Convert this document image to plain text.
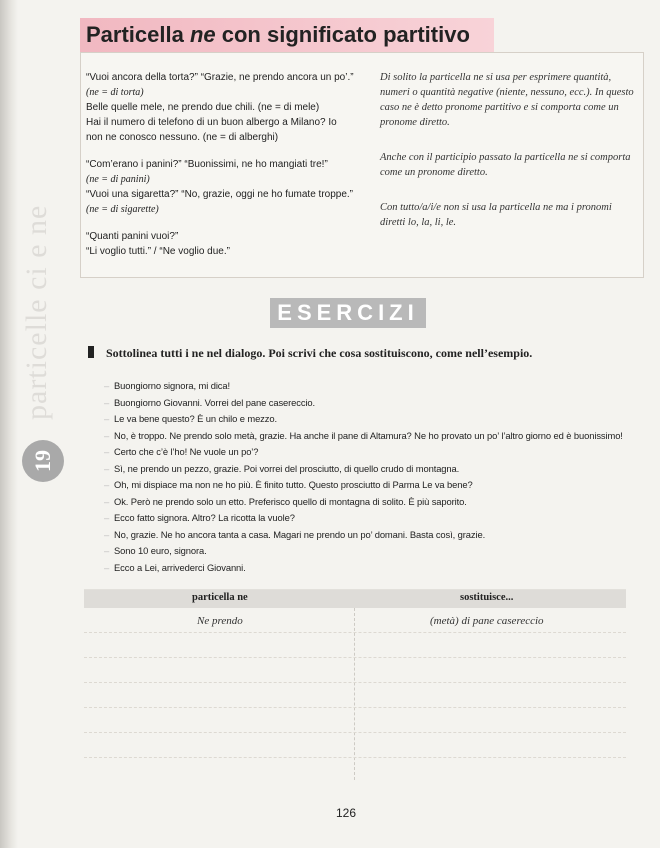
particelle ci e ne
19
Particella ne con significato partitivo
“Vuoi ancora della torta?” “Grazie, ne prendo ancora un po’.”
(ne = di torta)
Belle quelle mele, ne prendo due chili. (ne = di mele)
Hai il numero di telefono di un buon albergo a Milano? Io
non ne conosco nessuno. (ne = di alberghi)
“Com’erano i panini?” “Buonissimi, ne ho mangiati tre!”
(ne = di panini)
“Vuoi una sigaretta?” “No, grazie, oggi ne ho fumate troppe.”
(ne = di sigarette)
“Quanti panini vuoi?”
“Li voglio tutti.” / “Ne voglio due.”
Di solito la particella ne si usa per esprimere quantità, numeri o quantità negative (niente, nessuno, ecc.). In questo caso ne è detto pronome partitivo e si comporta come un pronome diretto.
Anche con il participio passato la particella ne si comporta come un pronome diretto.
Con tutto/a/i/e non si usa la particella ne ma i pronomi diretti lo, la, li, le.
ESERCIZI
Sottolinea tutti i ne nel dialogo. Poi scrivi che cosa sostituiscono, come nell’esempio.
– Buongiorno signora, mi dica!
– Buongiorno Giovanni. Vorrei del pane casereccio.
– Le va bene questo? È un chilo e mezzo.
– No, è troppo. Ne prendo solo metà, grazie. Ha anche il pane di Altamura? Ne ho provato un po’ l’altro giorno ed è buonissimo!
– Certo che c’è l’ho! Ne vuole un po’?
– Sì, ne prendo un pezzo, grazie. Poi vorrei del prosciutto, di quello crudo di montagna.
– Oh, mi dispiace ma non ne ho più. È finito tutto. Questo prosciutto di Parma Le va bene?
– Ok. Però ne prendo solo un etto. Preferisco quello di montagna di solito. È più saporito.
– Ecco fatto signora. Altro? La ricotta la vuole?
– No, grazie. Ne ho ancora tanta a casa. Magari ne prendo un po’ domani. Basta così, grazie.
– Sono 10 euro, signora.
– Ecco a Lei, arrivederci Giovanni.
particella ne	sostituisce...
Ne prendo	(metà) di pane casereccio
126
